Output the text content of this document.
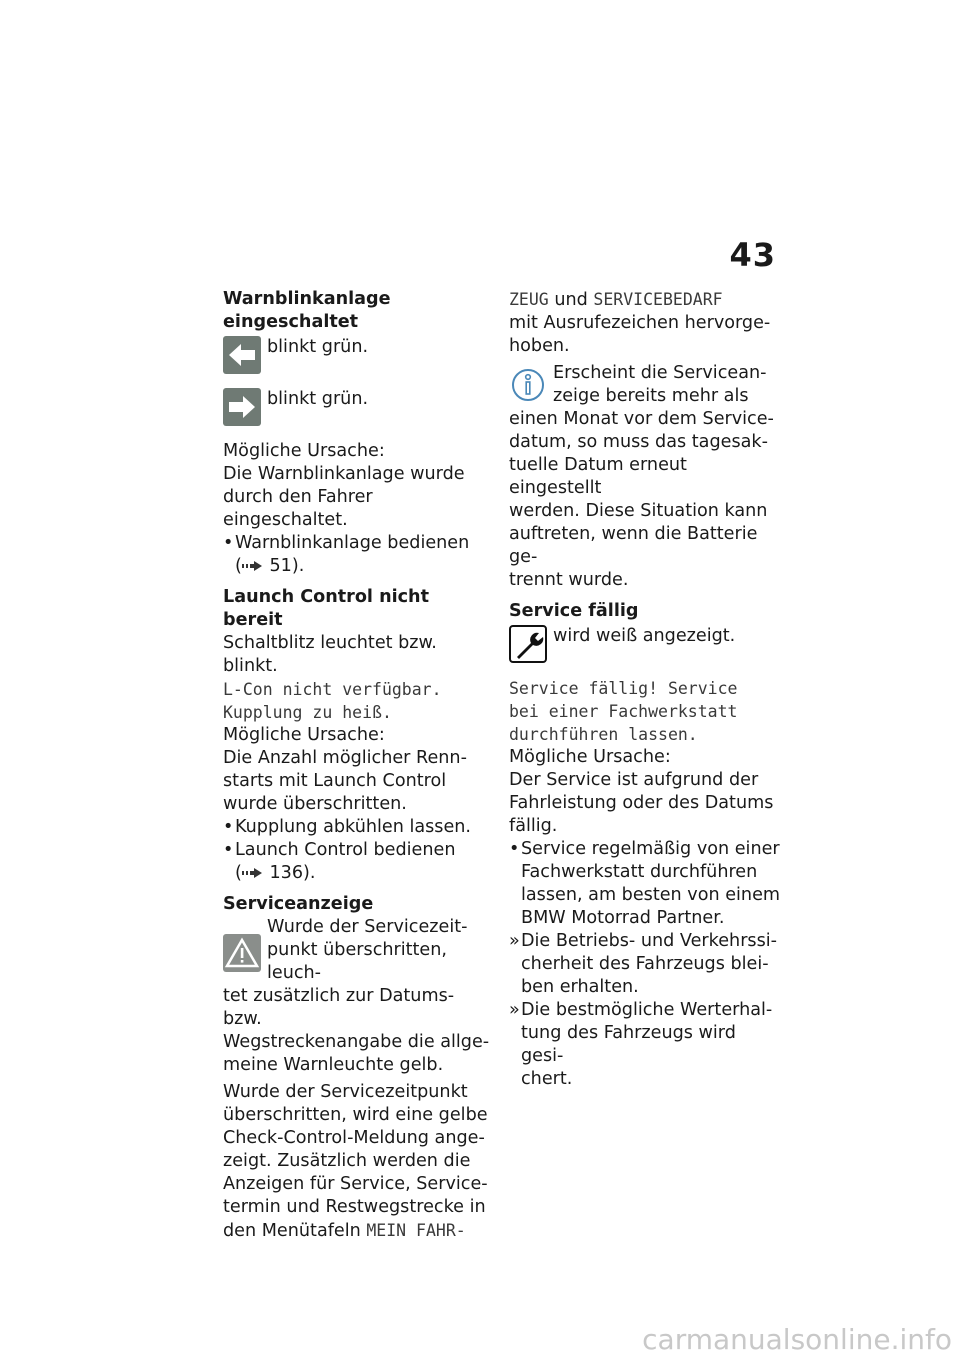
43
Warnblinkanlage
eingeschaltet
blinkt grün.
blinkt grün.
Mögliche Ursache:
Die Warnblinkanlage wurde
durch den Fahrer eingeschaltet.
• Warnblinkanlage bedienen
( 51).
Launch Control nicht bereit
Schaltblitz leuchtet bzw. blinkt.
L-Con nicht verfügbar.
Kupplung zu heiß.
Mögliche Ursache:
Die Anzahl möglicher Renn-
starts mit Launch Control
wurde überschritten.
• Kupplung abkühlen lassen.
• Launch Control bedienen
( 136).
Serviceanzeige
Wurde der Servicezeit-
punkt überschritten, leuch-
tet zusätzlich zur Datums- bzw.
Wegstreckenangabe die allge-
meine Warnleuchte gelb.
Wurde der Servicezeitpunkt
überschritten, wird eine gelbe
Check-Control-Meldung ange-
zeigt. Zusätzlich werden die
Anzeigen für Service, Service-
termin und Restwegstrecke in
den Menütafeln MEIN FAHR-
ZEUG und SERVICEBEDARF
mit Ausrufezeichen hervorge-
hoben.
Erscheint die Servicean-
zeige bereits mehr als
einen Monat vor dem Service-
datum, so muss das tagesak-
tuelle Datum erneut eingestellt
werden. Diese Situation kann
auftreten, wenn die Batterie ge-
trennt wurde.
Service fällig
wird weiß angezeigt.
Service fällig! Service
bei einer Fachwerkstatt
durchführen lassen.
Mögliche Ursache:
Der Service ist aufgrund der
Fahrleistung oder des Datums
fällig.
• Service regelmäßig von einer
Fachwerkstatt durchführen
lassen, am besten von einem
BMW Motorrad Partner.
» Die Betriebs- und Verkehrssi-
cherheit des Fahrzeugs blei-
ben erhalten.
» Die bestmögliche Werterhal-
tung des Fahrzeugs wird gesi-
chert.
carmanualsonline.info
